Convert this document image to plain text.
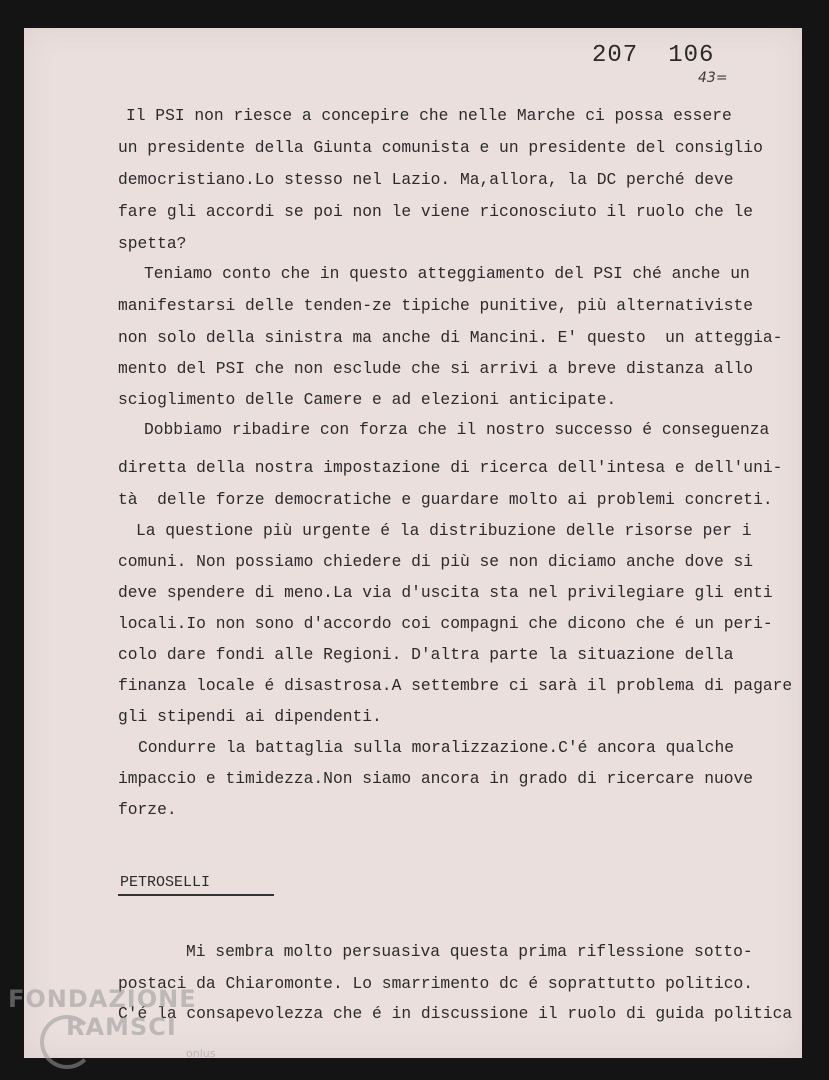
207 106
43=
Il PSI non riesce a concepire che nelle Marche ci possa essere
un presidente della Giunta comunista e un presidente del consiglio
democristiano.Lo stesso nel Lazio. Ma,allora, la DC perché deve
fare gli accordi se poi non le viene riconosciuto il ruolo che le
spetta?
Teniamo conto che in questo atteggiamento del PSI ché anche un
manifestarsi delle tenden-ze tipiche punitive, più alternativiste
non solo della sinistra ma anche di Mancini. E' questo  un atteggia-
mento del PSI che non esclude che si arrivi a breve distanza allo
scioglimento delle Camere e ad elezioni anticipate.
Dobbiamo ribadire con forza che il nostro successo é conseguenza
diretta della nostra impostazione di ricerca dell'intesa e dell'uni-
tà  delle forze democratiche e guardare molto ai problemi concreti.
La questione più urgente é la distribuzione delle risorse per i
comuni. Non possiamo chiedere di più se non diciamo anche dove si
deve spendere di meno.La via d'uscita sta nel privilegiare gli enti
locali.Io non sono d'accordo coi compagni che dicono che é un peri-
colo dare fondi alle Regioni. D'altra parte la situazione della
finanza locale é disastrosa.A settembre ci sarà il problema di pagare
gli stipendi ai dipendenti.
Condurre la battaglia sulla moralizzazione.C'é ancora qualche
impaccio e timidezza.Non siamo ancora in grado di ricercare nuove
forze.
PETROSELLI
Mi sembra molto persuasiva questa prima riflessione sotto-
postaci da Chiaromonte. Lo smarrimento dc é soprattutto politico.
C'é la consapevolezza che é in discussione il ruolo di guida politica
FONDAZIONE
RAMSCI
onlus
